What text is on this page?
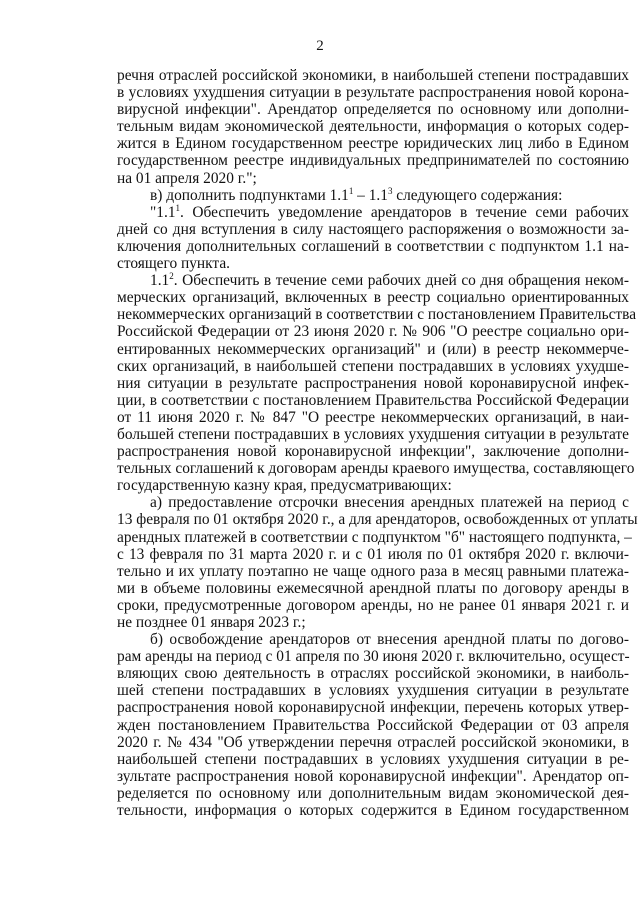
2
речня отраслей российской экономики, в наибольшей степени пострадавших
в условиях ухудшения ситуации в результате распространения новой корона-
вирусной инфекции". Арендатор определяется по основному или дополни-
тельным видам экономической деятельности, информация о которых содер-
жится в Едином государственном реестре юридических лиц либо в Едином
государственном реестре индивидуальных предпринимателей по состоянию
на 01 апреля 2020 г.";
в) дополнить подпунктами $1.1^1 - 1.1^3$ следующего содержания:
"$1.1^1$. Обеспечить уведомление арендаторов в течение семи рабочих
дней со дня вступления в силу настоящего распоряжения о возможности за-
ключения дополнительных соглашений в соответствии с подпунктом 1.1 на-
стоящего пункта.
$1.1^2$. Обеспечить в течение семи рабочих дней со дня обращения неком-
мерческих организаций, включенных в реестр социально ориентированных
некоммерческих организаций в соответствии с постановлением Правительства
Российской Федерации от 23 июня 2020 г. № 906 "О реестре социально ори-
ентированных некоммерческих организаций" и (или) в реестр некоммерче-
ских организаций, в наибольшей степени пострадавших в условиях ухудше-
ния ситуации в результате распространения новой коронавирусной инфек-
ции, в соответствии с постановлением Правительства Российской Федерации
от 11 июня 2020 г. № 847 "О реестре некоммерческих организаций, в наи-
большей степени пострадавших в условиях ухудшения ситуации в результате
распространения новой коронавирусной инфекции", заключение дополни-
тельных соглашений к договорам аренды краевого имущества, составляющего
государственную казну края, предусматривающих:
а) предоставление отсрочки внесения арендных платежей на период с
13 февраля по 01 октября 2020 г., а для арендаторов, освобожденных от уплаты
арендных платежей в соответствии с подпунктом "б" настоящего подпункта, –
с 13 февраля по 31 марта 2020 г. и с 01 июля по 01 октября 2020 г. включи-
тельно и их уплату поэтапно не чаще одного раза в месяц равными платежа-
ми в объеме половины ежемесячной арендной платы по договору аренды в
сроки, предусмотренные договором аренды, но не ранее 01 января 2021 г. и
не позднее 01 января 2023 г.;
б) освобождение арендаторов от внесения арендной платы по догово-
рам аренды на период с 01 апреля по 30 июня 2020 г. включительно, осущест-
вляющих свою деятельность в отраслях российской экономики, в наиболь-
шей степени пострадавших в условиях ухудшения ситуации в результате
распространения новой коронавирусной инфекции, перечень которых утвер-
жден постановлением Правительства Российской Федерации от 03 апреля
2020 г. № 434 "Об утверждении перечня отраслей российской экономики, в
наибольшей степени пострадавших в условиях ухудшения ситуации в ре-
зультате распространения новой коронавирусной инфекции". Арендатор оп-
ределяется по основному или дополнительным видам экономической дея-
тельности, информация о которых содержится в Едином государственном
